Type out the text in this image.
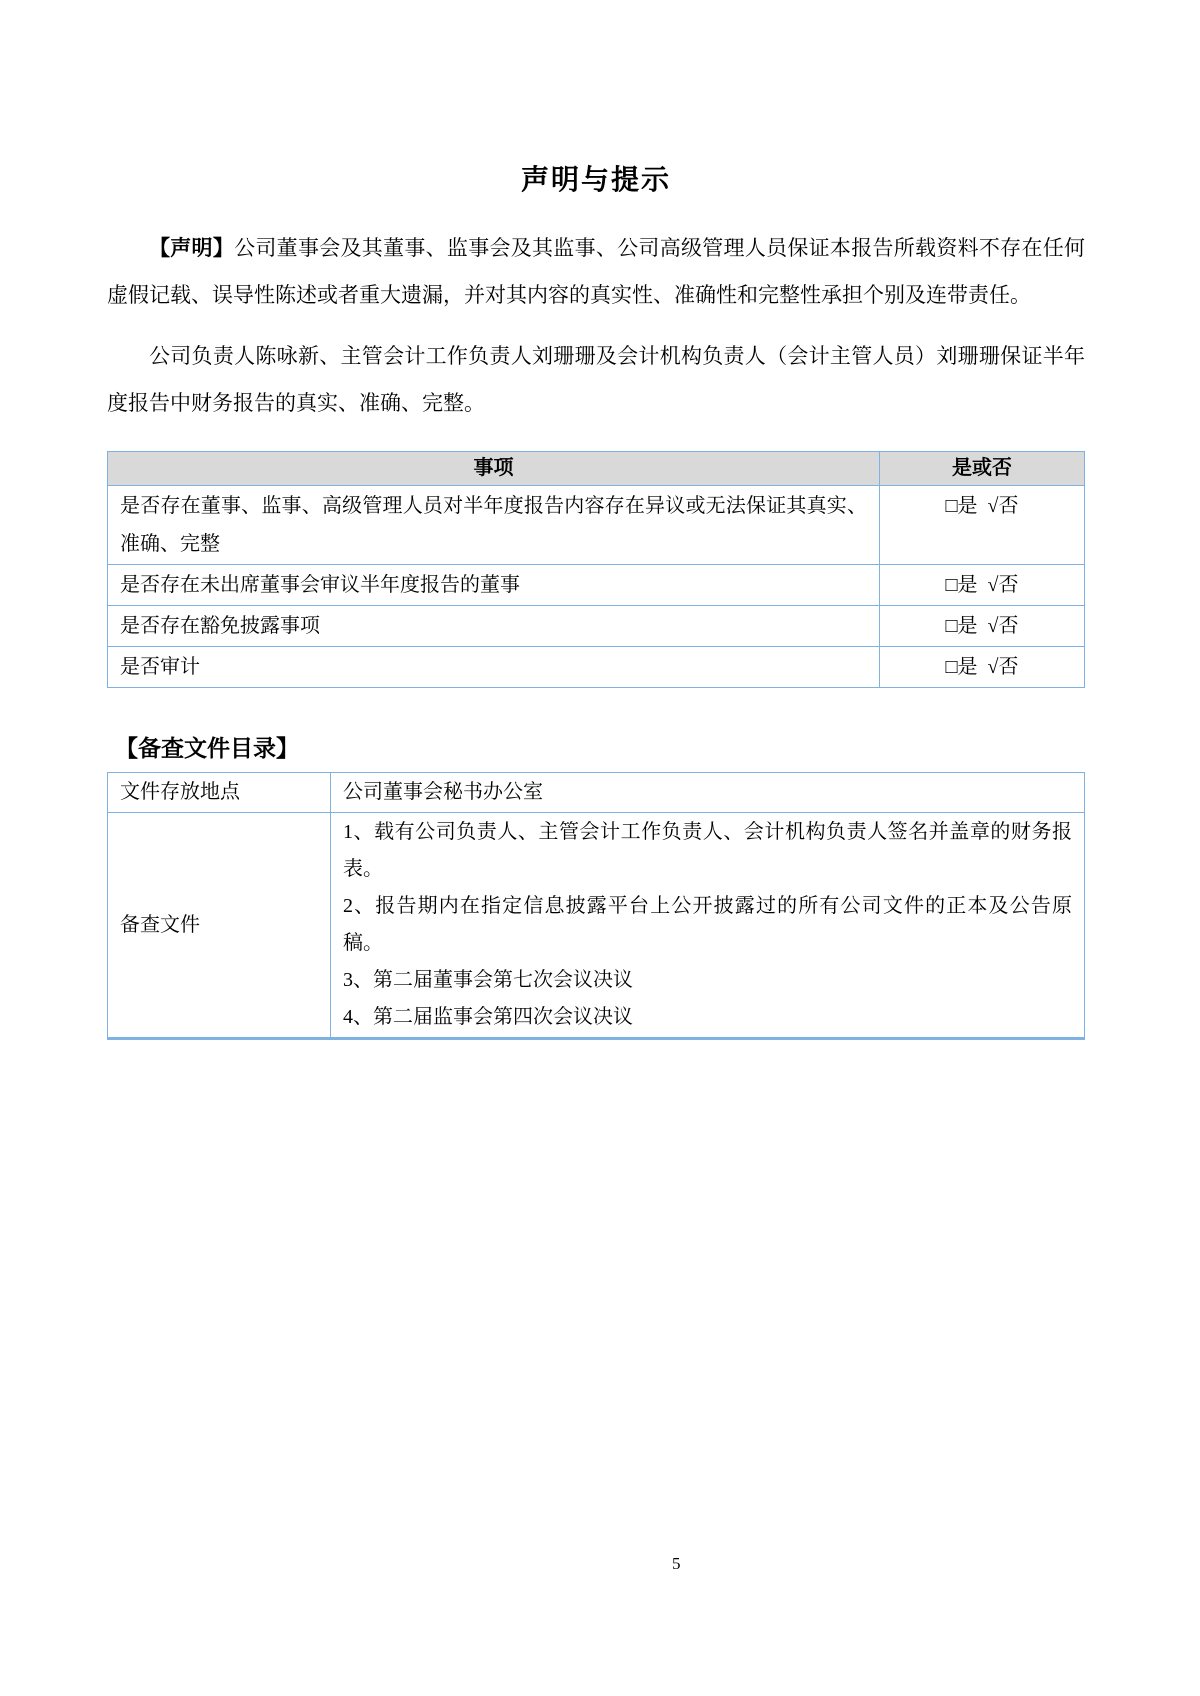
声明与提示

【声明】公司董事会及其董事、监事会及其监事、公司高级管理人员保证本报告所载资料不存在任何虚假记载、误导性陈述或者重大遗漏，并对其内容的真实性、准确性和完整性承担个别及连带责任。

公司负责人陈咏新、主管会计工作负责人刘珊珊及会计机构负责人（会计主管人员）刘珊珊保证半年度报告中财务报告的真实、准确、完整。

事项	是或否
是否存在董事、监事、高级管理人员对半年度报告内容存在异议或无法保证其真实、准确、完整	□是  √否
是否存在未出席董事会审议半年度报告的董事	□是  √否
是否存在豁免披露事项	□是  √否
是否审计	□是  √否
【备查文件目录】
文件存放地点	公司董事会秘书办公室
备查文件	1、载有公司负责人、主管会计工作负责人、会计机构负责人签名并盖章的财务报表。

2、报告期内在指定信息披露平台上公开披露过的所有公司文件的正本及公告原稿。

3、第二届董事会第七次会议决议

4、第二届监事会第四次会议决议

5
